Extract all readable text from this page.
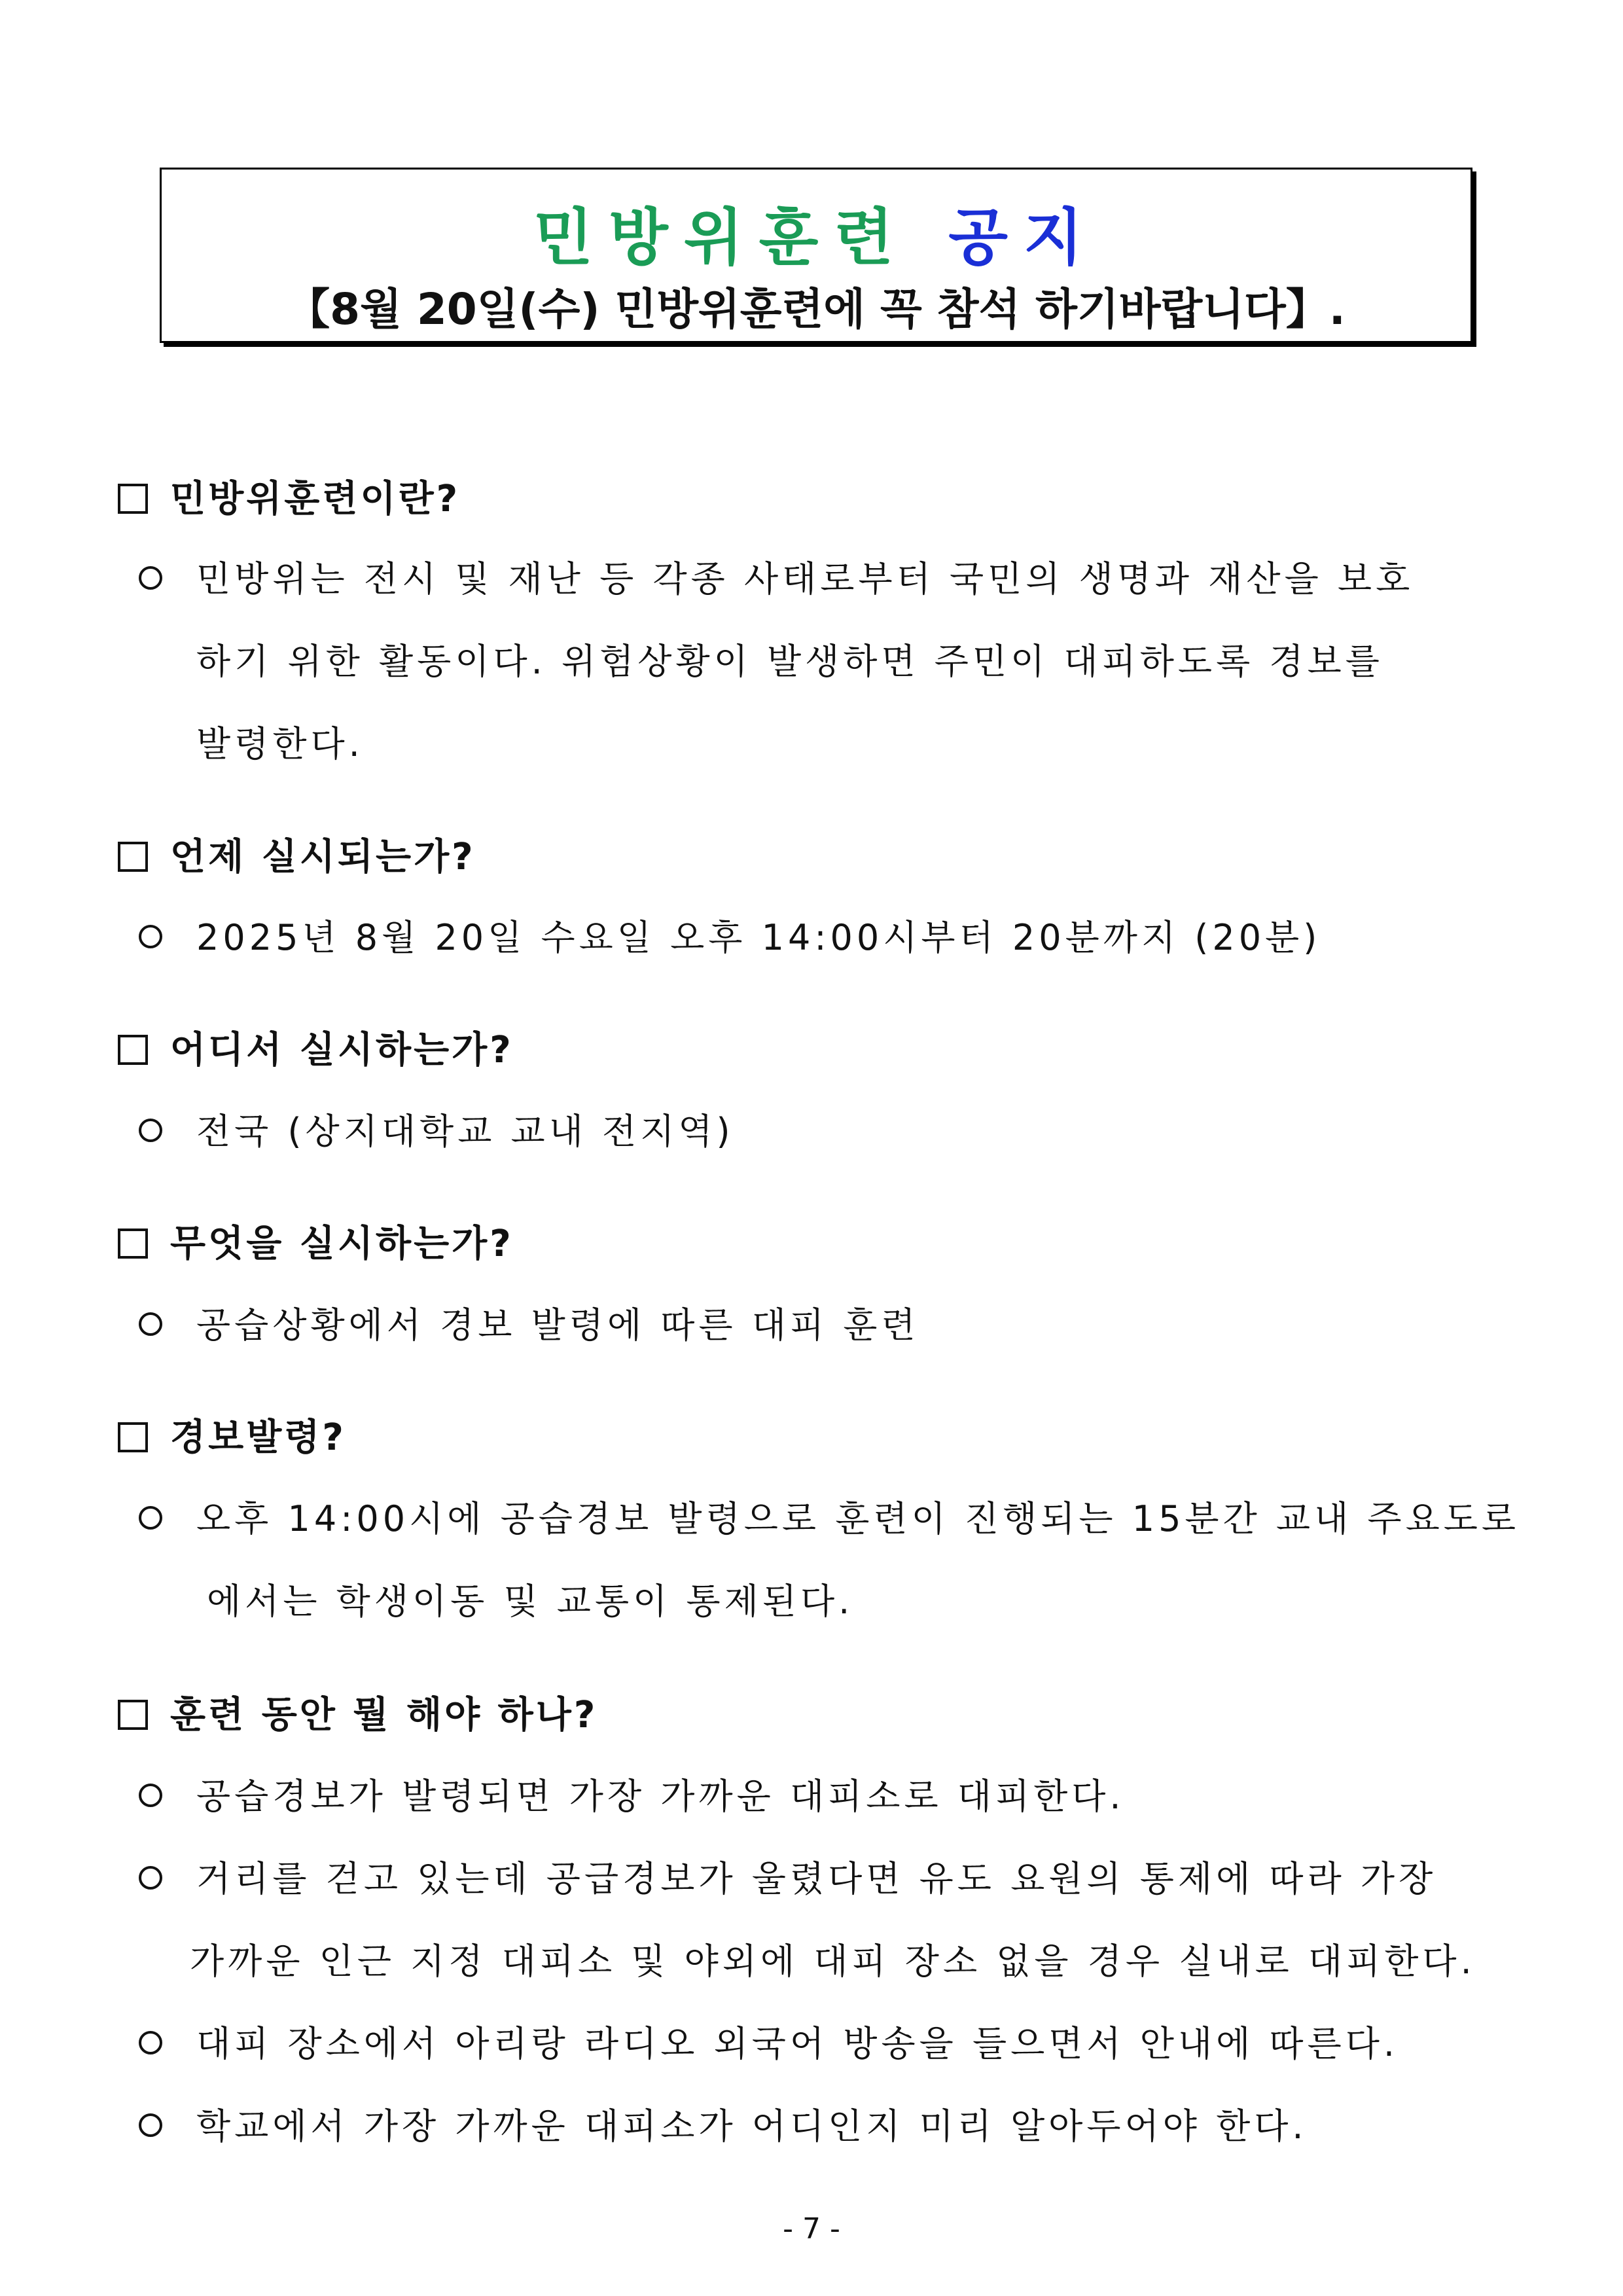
민방위훈련 공지
【8월 20일(수) 민방위훈련에 꼭 참석 하기바랍니다】.
민방위훈련이란?
민방위는 전시 및 재난 등 각종 사태로부터 국민의 생명과 재산을 보호
하기 위한 활동이다. 위험상황이 발생하면 주민이 대피하도록 경보를
발령한다.
언제 실시되는가?
2025년 8월 20일 수요일 오후 14:00시부터 20분까지 (20분)
어디서 실시하는가?
전국 (상지대학교 교내 전지역)
무엇을 실시하는가?
공습상황에서 경보 발령에 따른 대피 훈련
경보발령?
오후 14:00시에 공습경보 발령으로 훈련이 진행되는 15분간 교내 주요도로
에서는 학생이동 및 교통이 통제된다.
훈련 동안 뭘 해야 하나?
공습경보가 발령되면 가장 가까운 대피소로 대피한다.
거리를 걷고 있는데 공급경보가 울렸다면 유도 요원의 통제에 따라 가장
가까운 인근 지정 대피소 및 야외에 대피 장소 없을 경우 실내로 대피한다.
대피 장소에서 아리랑 라디오 외국어 방송을 들으면서 안내에 따른다.
학교에서 가장 가까운 대피소가 어디인지 미리 알아두어야 한다.
- 7 -
